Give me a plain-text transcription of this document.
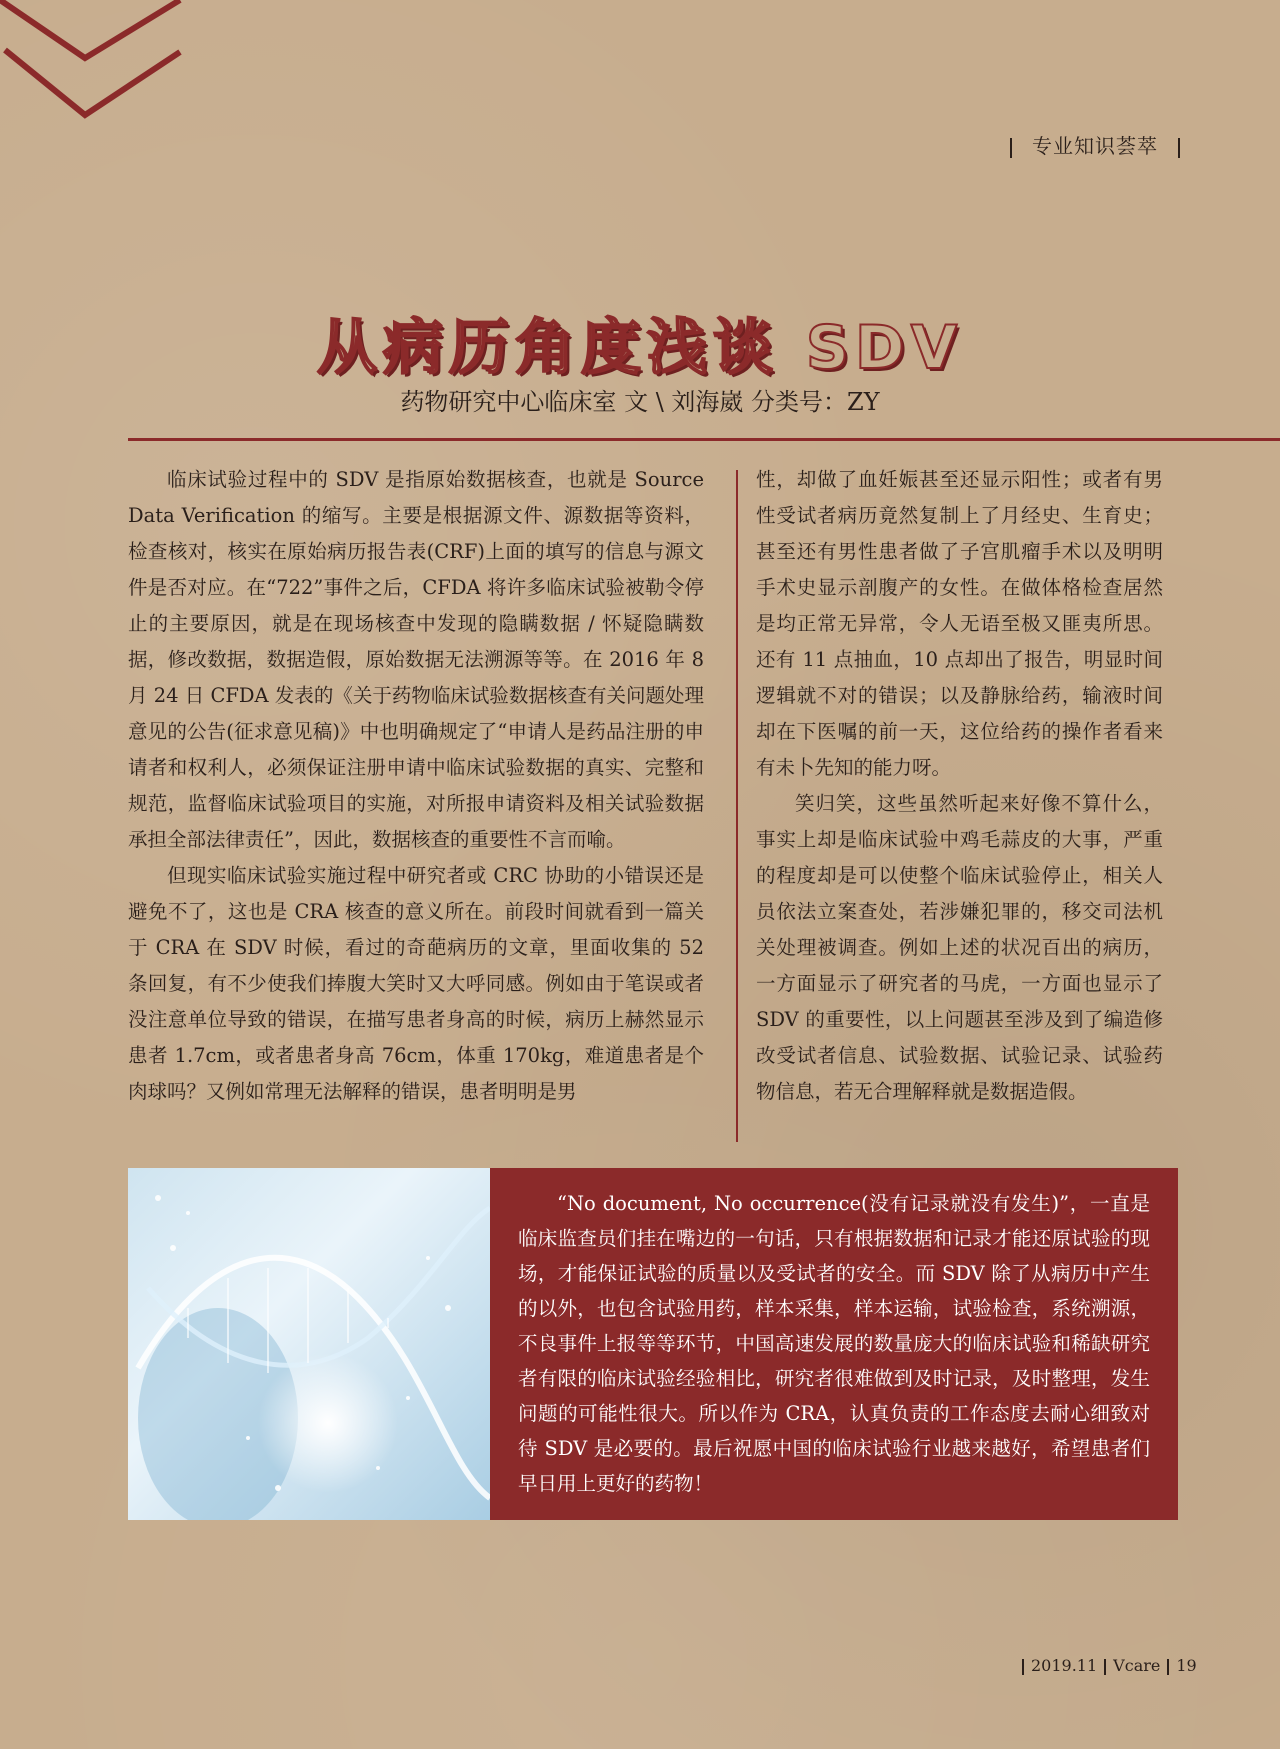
专业知识荟萃
从病历角度浅谈 SDV
药物研究中心临床室 文 \ 刘海崴 分类号：ZY

临床试验过程中的 SDV 是指原始数据核查，也就是 Source Data Verification 的缩写。主要是根据源文件、源数据等资料，检查核对，核实在原始病历报告表(CRF)上面的填写的信息与源文件是否对应。在“722”事件之后，CFDA 将许多临床试验被勒令停止的主要原因，就是在现场核查中发现的隐瞒数据 / 怀疑隐瞒数据，修改数据，数据造假，原始数据无法溯源等等。在 2016 年 8 月 24 日 CFDA 发表的《关于药物临床试验数据核查有关问题处理意见的公告(征求意见稿)》中也明确规定了“申请人是药品注册的申请者和权利人，必须保证注册申请中临床试验数据的真实、完整和规范，监督临床试验项目的实施，对所报申请资料及相关试验数据承担全部法律责任”，因此，数据核查的重要性不言而喻。

但现实临床试验实施过程中研究者或 CRC 协助的小错误还是避免不了，这也是 CRA 核查的意义所在。前段时间就看到一篇关于 CRA 在 SDV 时候，看过的奇葩病历的文章，里面收集的 52 条回复，有不少使我们捧腹大笑时又大呼同感。例如由于笔误或者没注意单位导致的错误，在描写患者身高的时候，病历上赫然显示患者 1.7cm，或者患者身高 76cm，体重 170kg，难道患者是个肉球吗？又例如常理无法解释的错误，患者明明是男

性，却做了血妊娠甚至还显示阳性；或者有男性受试者病历竟然复制上了月经史、生育史；甚至还有男性患者做了子宫肌瘤手术以及明明手术史显示剖腹产的女性。在做体格检查居然是均正常无异常，令人无语至极又匪夷所思。还有 11 点抽血，10 点却出了报告，明显时间逻辑就不对的错误；以及静脉给药，输液时间却在下医嘱的前一天，这位给药的操作者看来有未卜先知的能力呀。

笑归笑，这些虽然听起来好像不算什么，事实上却是临床试验中鸡毛蒜皮的大事，严重的程度却是可以使整个临床试验停止，相关人员依法立案查处，若涉嫌犯罪的，移交司法机关处理被调查。例如上述的状况百出的病历，一方面显示了研究者的马虎，一方面也显示了 SDV 的重要性，以上问题甚至涉及到了编造修改受试者信息、试验数据、试验记录、试验药物信息，若无合理解释就是数据造假。

“No document, No occurrence(没有记录就没有发生)”，一直是临床监查员们挂在嘴边的一句话，只有根据数据和记录才能还原试验的现场，才能保证试验的质量以及受试者的安全。而 SDV 除了从病历中产生的以外，也包含试验用药，样本采集，样本运输，试验检查，系统溯源，不良事件上报等等环节，中国高速发展的数量庞大的临床试验和稀缺研究者有限的临床试验经验相比，研究者很难做到及时记录，及时整理，发生问题的可能性很大。所以作为 CRA，认真负责的工作态度去耐心细致对待 SDV 是必要的。最后祝愿中国的临床试验行业越来越好，希望患者们早日用上更好的药物！

2019.11 Vcare 19
